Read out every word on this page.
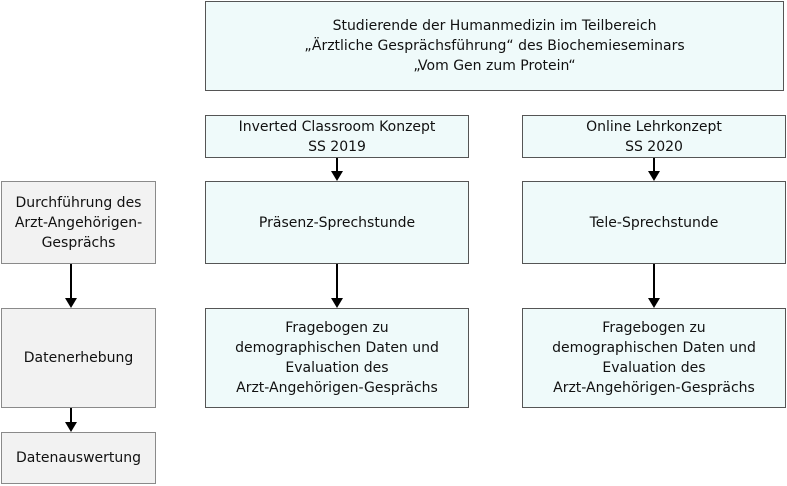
Studierende der Humanmedizin im Teilbereich
„Ärztliche Gesprächsführung“ des Biochemieseminars
„Vom Gen zum Protein“
Inverted Classroom Konzept
SS 2019
Präsenz-Sprechstunde
Fragebogen zu
demographischen Daten und
Evaluation des
Arzt-Angehörigen-Gesprächs
Online Lehrkonzept
SS 2020
Tele-Sprechstunde
Fragebogen zu
demographischen Daten und
Evaluation des
Arzt-Angehörigen-Gesprächs
Durchführung des
Arzt-Angehörigen-
Gesprächs
Datenerhebung
Datenauswertung
